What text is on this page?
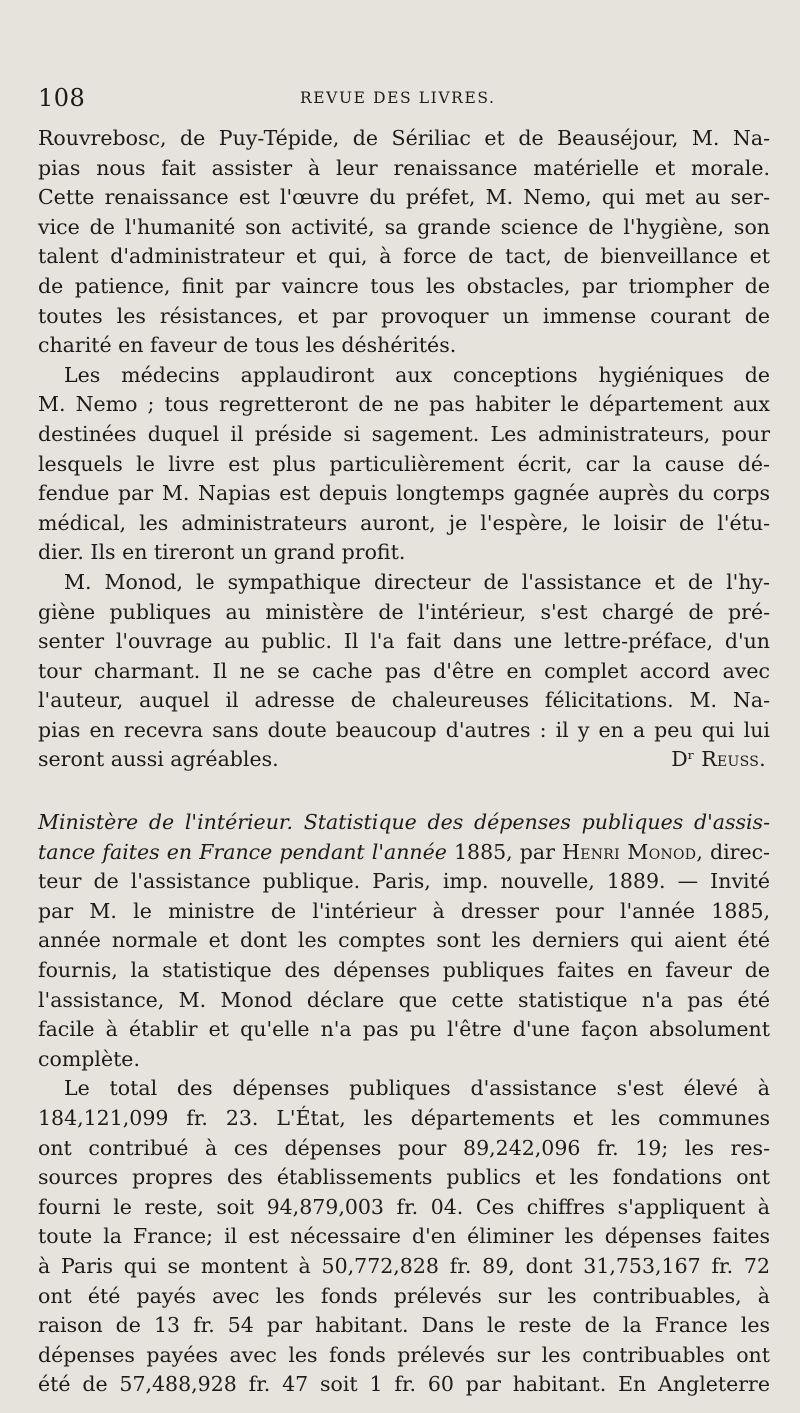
108	REVUE DES LIVRES.
Rouvrebosc, de Puy-Tépide, de Sériliac et de Beauséjour, M. Na-
pias nous fait assister à leur renaissance matérielle et morale.
Cette renaissance est l'œuvre du préfet, M. Nemo, qui met au ser-
vice de l'humanité son activité, sa grande science de l'hygiène, son
talent d'administrateur et qui, à force de tact, de bienveillance et
de patience, finit par vaincre tous les obstacles, par triompher de
toutes les résistances, et par provoquer un immense courant de
charité en faveur de tous les déshérités.
Les médecins applaudiront aux conceptions hygiéniques de
M. Nemo ; tous regretteront de ne pas habiter le département aux
destinées duquel il préside si sagement. Les administrateurs, pour
lesquels le livre est plus particulièrement écrit, car la cause dé-
fendue par M. Napias est depuis longtemps gagnée auprès du corps
médical, les administrateurs auront, je l'espère, le loisir de l'étu-
dier. Ils en tireront un grand profit.
M. Monod, le sympathique directeur de l'assistance et de l'hy-
giène publiques au ministère de l'intérieur, s'est chargé de pré-
senter l'ouvrage au public. Il l'a fait dans une lettre-préface, d'un
tour charmant. Il ne se cache pas d'être en complet accord avec
l'auteur, auquel il adresse de chaleureuses félicitations. M. Na-
pias en recevra sans doute beaucoup d'autres : il y en a peu qui lui
seront aussi agréables.	Dʳ Reuss.
Ministère de l'intérieur. Statistique des dépenses publiques d'assis-
tance faites en France pendant l'année 1885, par Henri Monod, direc-
teur de l'assistance publique. Paris, imp. nouvelle, 1889. — Invité
par M. le ministre de l'intérieur à dresser pour l'année 1885,
année normale et dont les comptes sont les derniers qui aient été
fournis, la statistique des dépenses publiques faites en faveur de
l'assistance, M. Monod déclare que cette statistique n'a pas été
facile à établir et qu'elle n'a pas pu l'être d'une façon absolument
complète.
Le total des dépenses publiques d'assistance s'est élevé à
184,121,099 fr. 23. L'État, les départements et les communes
ont contribué à ces dépenses pour 89,242,096 fr. 19; les res-
sources propres des établissements publics et les fondations ont
fourni le reste, soit 94,879,003 fr. 04. Ces chiffres s'appliquent à
toute la France; il est nécessaire d'en éliminer les dépenses faites
à Paris qui se montent à 50,772,828 fr. 89, dont 31,753,167 fr. 72
ont été payés avec les fonds prélevés sur les contribuables, à
raison de 13 fr. 54 par habitant. Dans le reste de la France les
dépenses payées avec les fonds prélevés sur les contribuables ont
été de 57,488,928 fr. 47 soit 1 fr. 60 par habitant. En Angleterre
